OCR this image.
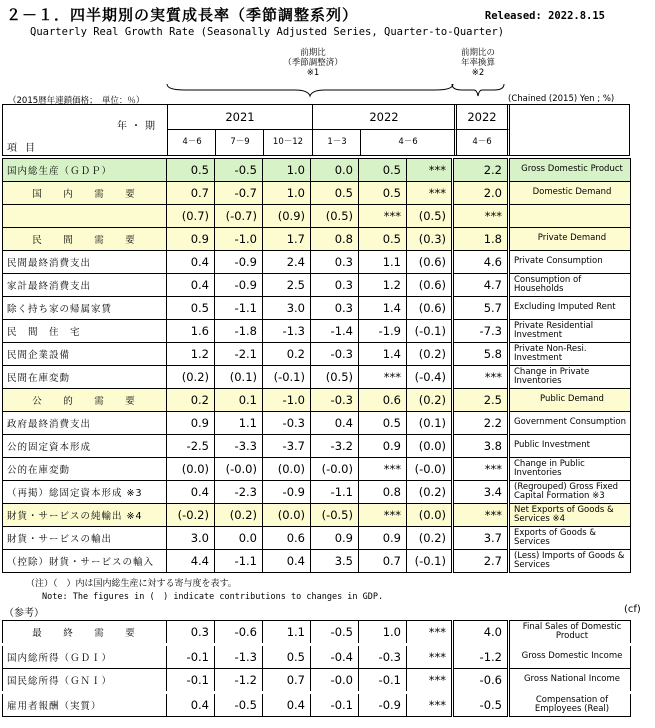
２－１．四半期別の実質成長率（季節調整系列）	Released: 2022.8.15
Quarterly Real Growth Rate (Seasonally Adjusted Series, Quarter-to-Quarter)
前期比
（季節調整済）
※1
前期比の
年率換算
※2
（2015暦年連鎖価格；　単位：％）	(Chained (2015) Yen ; %)
年・期
項目
2021	2022	2022
4－6	7－9	10－12	1－3	4－6	4－6
国内総生産（ＧＤＰ）	0.5	-0.5	1.0	0.0	0.5	***	2.2	Gross Domestic Product
国　内　需　要	0.7	-0.7	1.0	0.5	0.5	***	2.0	Domestic Demand
	(0.7)	(-0.7)	(0.9)	(0.5)	***	(0.5)	***	
民　間　需　要	0.9	-1.0	1.7	0.8	0.5	(0.3)	1.8	Private Demand
民間最終消費支出	0.4	-0.9	2.4	0.3	1.1	(0.6)	4.6	Private Consumption
家計最終消費支出	0.4	-0.9	2.5	0.3	1.2	(0.6)	4.7	Consumption of Households
除く持ち家の帰属家賃	0.5	-1.1	3.0	0.3	1.4	(0.6)	5.7	Excluding Imputed Rent
民　間　住　宅	1.6	-1.8	-1.3	-1.4	-1.9	(-0.1)	-7.3	Private Residential Investment
民間企業設備	1.2	-2.1	0.2	-0.3	1.4	(0.2)	5.8	Private Non-Resi. Investment
民間在庫変動	(0.2)	(0.1)	(-0.1)	(0.5)	***	(-0.4)	***	Change in Private Inventories
公　的　需　要	0.2	0.1	-1.0	-0.3	0.6	(0.2)	2.5	Public Demand
政府最終消費支出	0.9	1.1	-0.3	0.4	0.5	(0.1)	2.2	Government Consumption
公的固定資本形成	-2.5	-3.3	-3.7	-3.2	0.9	(0.0)	3.8	Public Investment
公的在庫変動	(0.0)	(-0.0)	(0.0)	(-0.0)	***	(-0.0)	***	Change in Public Inventories
（再掲）総固定資本形成 ※3	0.4	-2.3	-0.9	-1.1	0.8	(0.2)	3.4	(Regrouped) Gross Fixed Capital Formation ※3
財貨・サービスの純輸出 ※4	(-0.2)	(0.2)	(0.0)	(-0.5)	***	(0.0)	***	Net Exports of Goods & Services ※4
財貨・サービスの輸出	3.0	0.0	0.6	0.9	0.9	(0.2)	3.7	Exports of Goods & Services
（控除）財貨・サービスの輸入	4.4	-1.1	0.4	3.5	0.7	(-0.1)	2.7	(Less) Imports of Goods & Services
（注）（　）内は国内総生産に対する寄与度を表す。
Note: The figures in (　) indicate contributions to changes in GDP.
（参考）	(cf)
最　終　需　要	0.3	-0.6	1.1	-0.5	1.0	***	4.0	Final Sales of Domestic Product
国内総所得（ＧＤＩ）	-0.1	-1.3	0.5	-0.4	-0.3	***	-1.2	Gross Domestic Income
国民総所得（ＧＮＩ）	-0.1	-1.2	0.7	-0.0	-0.1	***	-0.6	Gross National Income
雇用者報酬（実質）	0.4	-0.5	0.4	-0.1	-0.9	***	-0.5	Compensation of Employees (Real)
